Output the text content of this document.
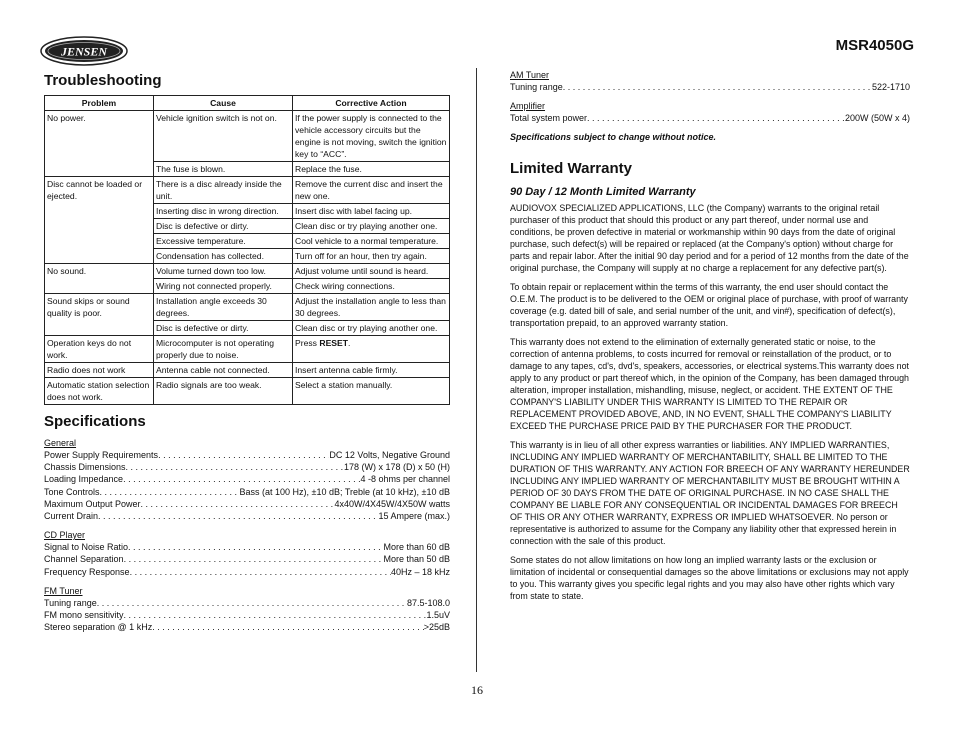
JENSEN	MSR4050G
Troubleshooting
Problem	Cause	Corrective Action
No power.	Vehicle ignition switch is not on.	If the power supply is connected to the vehicle accessory circuits but the engine is not moving, switch the ignition key to “ACC”.
	The fuse is blown.	Replace the fuse.
Disc cannot be loaded or ejected.	There is a disc already inside the unit.	Remove the current disc and insert the new one.
	Inserting disc in wrong direction.	Insert disc with label facing up.
	Disc is defective or dirty.	Clean disc or try playing another one.
	Excessive temperature.	Cool vehicle to a normal temperature.
	Condensation has collected.	Turn off for an hour, then try again.
No sound.	Volume turned down too low.	Adjust volume until sound is heard.
	Wiring not connected properly.	Check wiring connections.
Sound skips or sound quality is poor.	Installation angle exceeds 30 degrees.	Adjust the installation angle to less than 30 degrees.
	Disc is defective or dirty.	Clean disc or try playing another one.
Operation keys do not work.	Microcomputer is not operating properly due to noise.	Press RESET.
Radio does not work	Antenna cable not connected.	Insert antenna cable firmly.
Automatic station selection does not work.	Radio signals are too weak.	Select a station manually.
Specifications
General
Power Supply Requirements . . .	DC 12 Volts, Negative Ground
Chassis Dimensions . . .	178 (W) x 178 (D) x 50 (H)
Loading Impedance . . .	4 -8 ohms per channel
Tone Controls . . .	Bass (at 100 Hz), ±10 dB; Treble (at 10 kHz), ±10 dB
Maximum Output Power . . .	4x40W/4X45W/4X50W watts
Current Drain . . .	15 Ampere (max.)
CD Player
Signal to Noise Ratio . . .	More than 60 dB
Channel Separation . . .	More than 50 dB
Frequency Response . . .	40Hz – 18 kHz
FM Tuner
Tuning range . . .	87.5-108.0
FM mono sensitivity . . .	1.5uV
Stereo separation @ 1 kHz . . .	>25dB
AM Tuner
Tuning range . . .	522-1710
Amplifier
Total system power . . .	200W (50W x 4)
Specifications subject to change without notice.
Limited Warranty
90 Day / 12 Month Limited Warranty
AUDIOVOX SPECIALIZED APPLICATIONS, LLC (the Company) warrants to the original retail purchaser of this product that should this product or any part thereof, under normal use and conditions, be proven defective in material or workmanship within 90 days from the date of original purchase, such defect(s) will be repaired or replaced (at the Company's option) without charge for parts and repair labor. After the initial 90 day period and for a period of 12 months from the date of the original purchase, the Company will supply at no charge a replacement for any defective part(s).
To obtain repair or replacement within the terms of this warranty, the end user should contact the O.E.M. The product is to be delivered to the OEM or original place of purchase, with proof of warranty coverage (e.g. dated bill of sale, and serial number of the unit, and vin#), specification of defect(s), transportation prepaid, to an approved warranty station.
This warranty does not extend to the elimination of externally generated static or noise, to the correction of antenna problems, to costs incurred for removal or reinstallation of the product, or to damage to any tapes, cd's, dvd's, speakers, accessories, or electrical systems.This warranty does not apply to any product or part thereof which, in the opinion of the Company, has been damaged through alteration, improper installation, mishandling, misuse, neglect, or accident. THE EXTENT OF THE COMPANY'S LIABILITY UNDER THIS WARRANTY IS LIMITED TO THE REPAIR OR REPLACEMENT PROVIDED ABOVE, AND, IN NO EVENT, SHALL THE COMPANY'S LIABILITY EXCEED THE PURCHASE PRICE PAID BY THE PURCHASER FOR THE PRODUCT.
This warranty is in lieu of all other express warranties or liabilities. ANY IMPLIED WARRANTIES, INCLUDING ANY IMPLIED WARRANTY OF MERCHANTABILITY, SHALL BE LIMITED TO THE DURATION OF THIS WARRANTY. ANY ACTION FOR BREECH OF ANY WARRANTY HEREUNDER INCLUDING ANY IMPLIED WARRANTY OF MERCHANTABILITY MUST BE BROUGHT WITHIN A PERIOD OF 30 DAYS FROM THE DATE OF ORIGINAL PURCHASE. IN NO CASE SHALL THE COMPANY BE LIABLE FOR ANY CONSEQUENTIAL OR INCIDENTAL DAMAGES FOR BREECH OF THIS OR ANY OTHER WARRANTY, EXPRESS OR IMPLIED WHATSOEVER. No person or representative is authorized to assume for the Company any liability other that expressed herein in connection with the sale of this product.
Some states do not allow limitations on how long an implied warranty lasts or the exclusion or limitation of incidental or consequential damages so the above limitations or exclusions may not apply to you. This warranty gives you specific legal rights and you may also have other rights which vary from state to state.
16
